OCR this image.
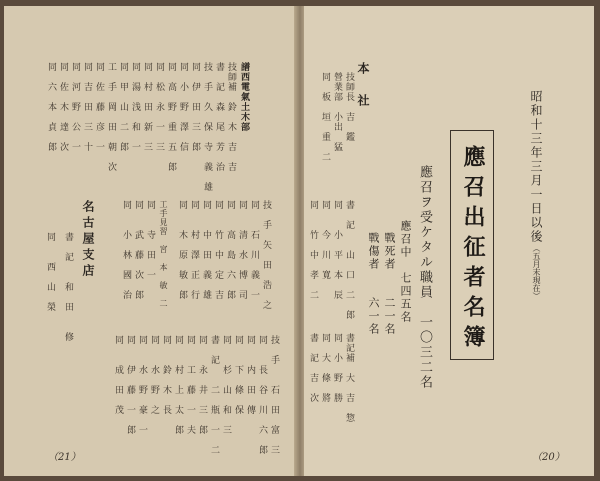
昭和十三年三月一日以後（五月末現在）
應召出征者名簿
應召ヲ受ケタル職員　一〇三二名
應召中　七四五名
戰死者　　二一名
戰傷者　　六一名
本　社
技師長　吉　鑑
營業部　小出　猛
同　板　垣　重　二
書　記　　山　口　二　郎
同　　小　平　本　辰
同　　今　川　寬
同　　竹　中　孝　二
書記補　大　吉　惣
同　小　野　勝
同　大　條　將
書　記　吉　次
（20）
譜西電氣土木部
技師補　鈴　木　吉　吉
書　記　森　尾　芳　治
技　手　久　保　寺　義　雄
同　伊　田　三　郎
同　小　野　澤　信
同　高　野　重　五　郎
同　松　永　一　三
同　村　田　新　三
同　湯　浅　和　一
同　甲　山　二　郎
工　手　岡　田　朝　次
同　佐　藤　彦　一
同　吉　田　三　十
同　河　野　公　一
同　佐　木　達　次
同　六　本　貞　郎
技　手　矢　田　浩　之
同　　石　川　義　一
同　　清　水　博　司
同　　高　島　六　郎
同　　竹　中　定　吉
同　　中　田　義　雄
同　　村　澤　正　行
同　　木　原　敏　郎
工手見習　宮　本　敏　二
同　　寺　田　一
同　　武　藤　次　郎
同　　小　林　國　治
名古屋支店
書　記　　和　田　　修
同　　西　山　榮
技　手　　石　田　富　三
同　　長　谷　川　六　郎
同　　内　田　傳
同　　下　條　保
同　　杉　山　和　三
書　記　　二　瓶　一　二
同　　永　井　三　郎
同　　工　藤　一　夫
同　　村　上　太　郎
同　　鈴　木　長
同　　水　野　之
同　　水　野　豪　一
同　　伊　藤　一　郎
同　　成　田　茂
（21）
